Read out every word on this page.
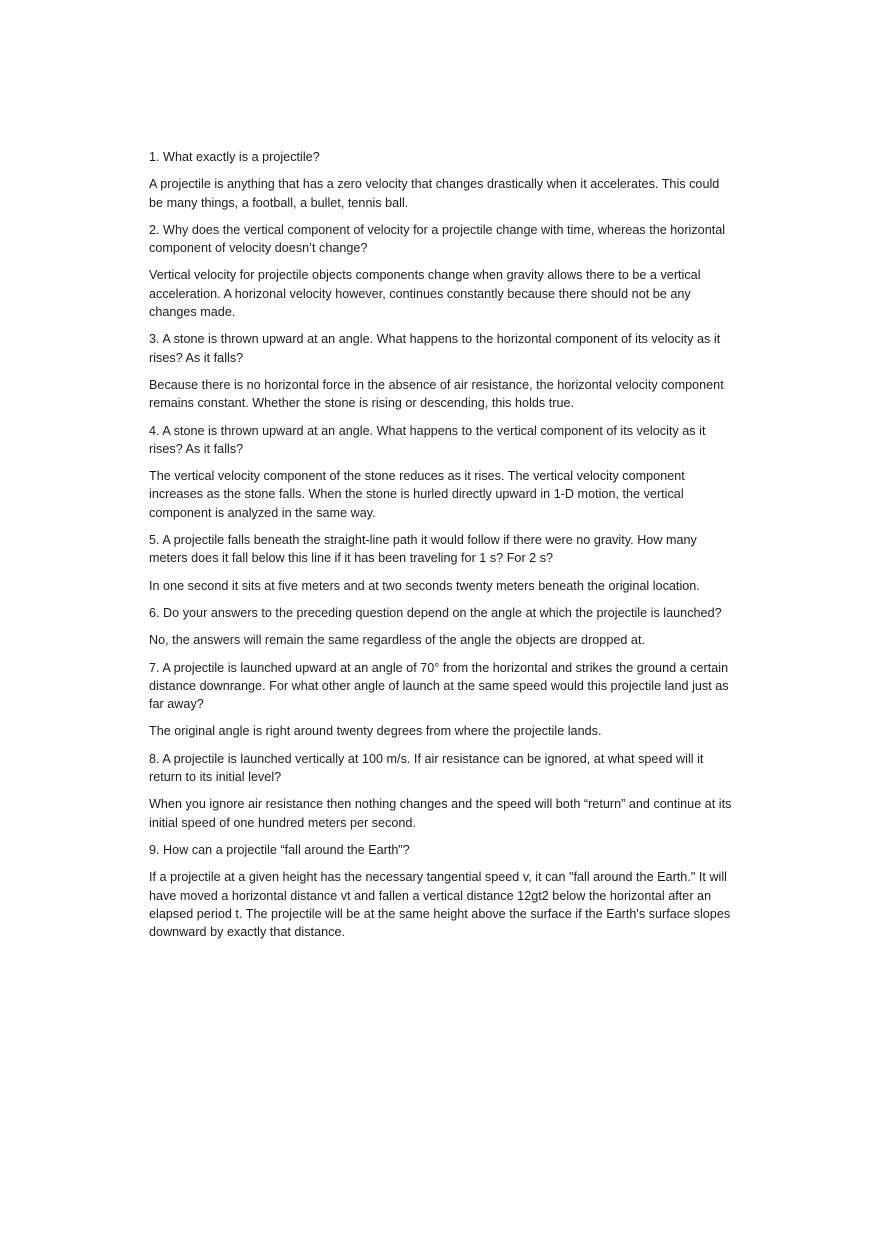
1. What exactly is a projectile?

A projectile is anything that has a zero velocity that changes drastically when it accelerates. This could be many things, a football, a bullet, tennis ball.

2. Why does the vertical component of velocity for a projectile change with time, whereas the horizontal component of velocity doesn’t change?

Vertical velocity for projectile objects components change when gravity allows there to be a vertical acceleration. A horizonal velocity however, continues constantly because there should not be any changes made.

3. A stone is thrown upward at an angle. What happens to the horizontal component of its velocity as it rises? As it falls?

Because there is no horizontal force in the absence of air resistance, the horizontal velocity component remains constant. Whether the stone is rising or descending, this holds true.

4. A stone is thrown upward at an angle. What happens to the vertical component of its velocity as it rises? As it falls?

The vertical velocity component of the stone reduces as it rises. The vertical velocity component increases as the stone falls. When the stone is hurled directly upward in 1-D motion, the vertical component is analyzed in the same way.

5. A projectile falls beneath the straight-line path it would follow if there were no gravity. How many meters does it fall below this line if it has been traveling for 1 s? For 2 s?

In one second it sits at five meters and at two seconds twenty meters beneath the original location.

6. Do your answers to the preceding question depend on the angle at which the projectile is launched?

No, the answers will remain the same regardless of the angle the objects are dropped at.

7. A projectile is launched upward at an angle of 70° from the horizontal and strikes the ground a certain distance downrange. For what other angle of launch at the same speed would this projectile land just as far away?

The original angle is right around twenty degrees from where the projectile lands.

8. A projectile is launched vertically at 100 m/s. If air resistance can be ignored, at what speed will it return to its initial level?

When you ignore air resistance then nothing changes and the speed will both “return” and continue at its initial speed of one hundred meters per second.

9. How can a projectile “fall around the Earth”?

If a projectile at a given height has the necessary tangential speed v, it can "fall around the Earth." It will have moved a horizontal distance vt and fallen a vertical distance 12gt2 below the horizontal after an elapsed period t. The projectile will be at the same height above the surface if the Earth's surface slopes downward by exactly that distance.
